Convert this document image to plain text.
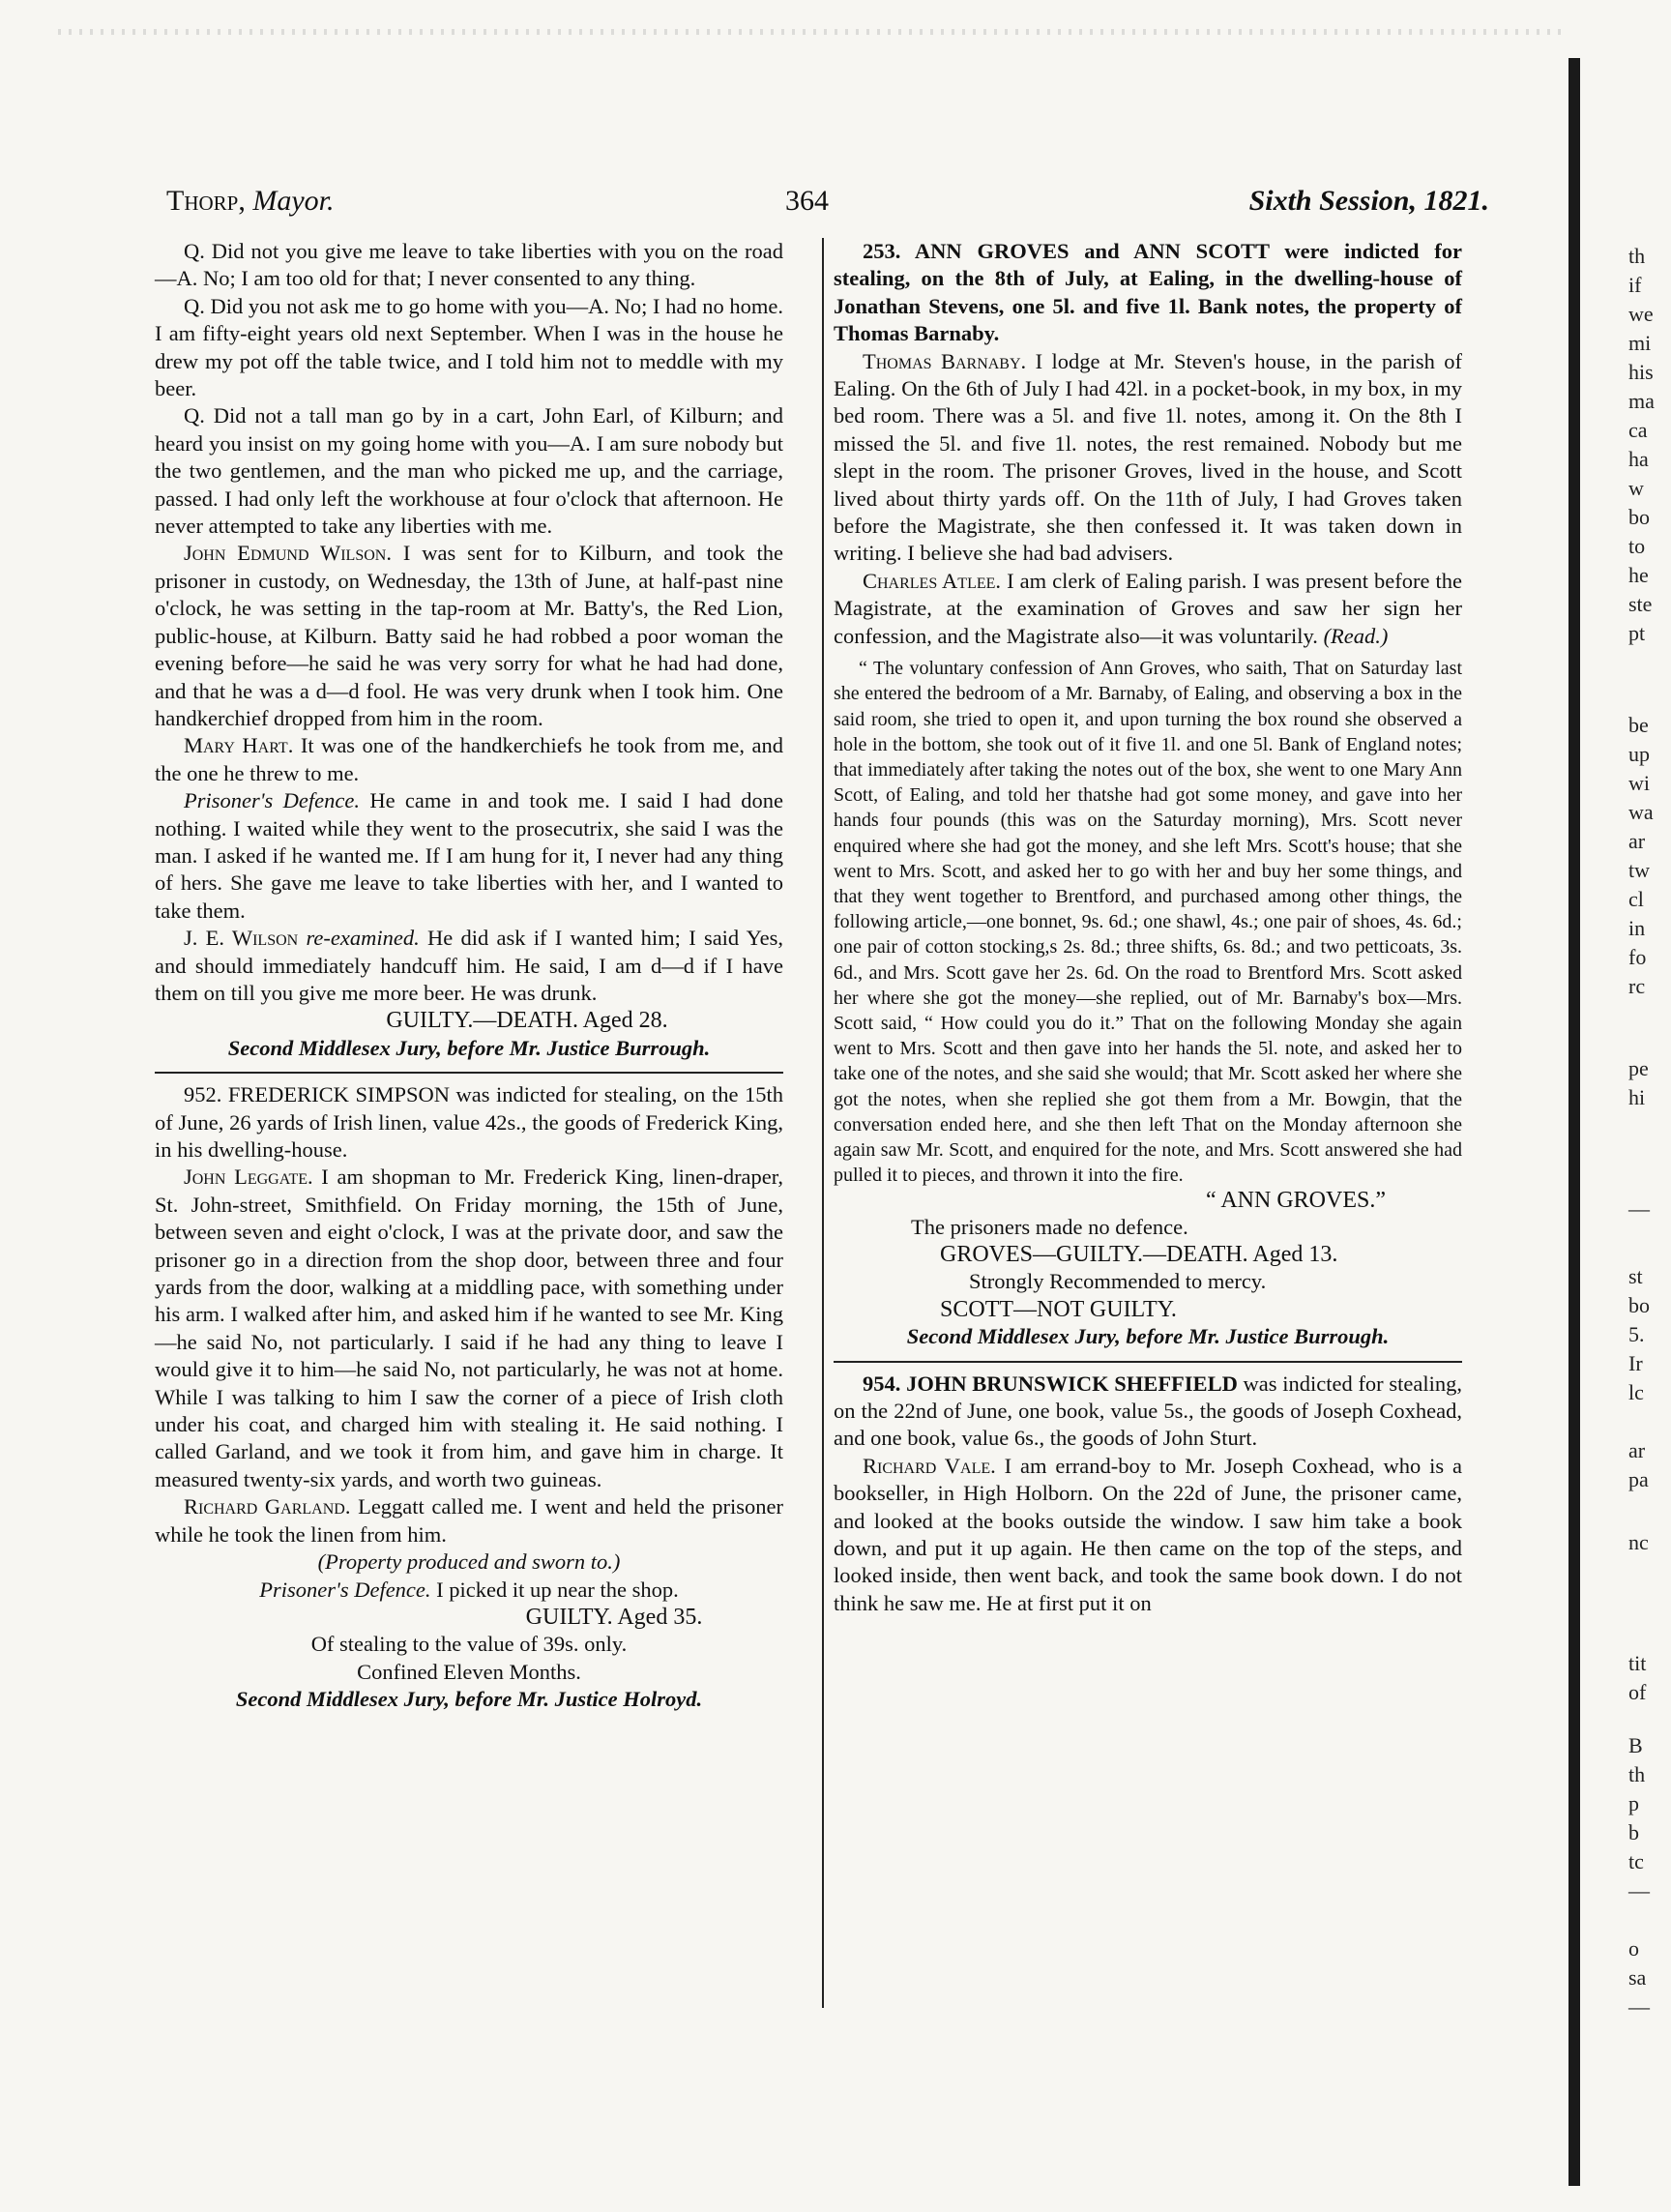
Thorp, Mayor.	364	Sixth Session, 1821.

Q. Did not you give me leave to take liberties with you on the road—A. No; I am too old for that; I never consented to any thing.

Q. Did you not ask me to go home with you—A. No; I had no home. I am fifty-eight years old next September. When I was in the house he drew my pot off the table twice, and I told him not to meddle with my beer.

Q. Did not a tall man go by in a cart, John Earl, of Kilburn; and heard you insist on my going home with you—A. I am sure nobody but the two gentlemen, and the man who picked me up, and the carriage, passed. I had only left the workhouse at four o'clock that afternoon. He never attempted to take any liberties with me.

John Edmund Wilson. I was sent for to Kilburn, and took the prisoner in custody, on Wednesday, the 13th of June, at half-past nine o'clock, he was setting in the tap-room at Mr. Batty's, the Red Lion, public-house, at Kilburn. Batty said he had robbed a poor woman the evening before—he said he was very sorry for what he had had done, and that he was a d—d fool. He was very drunk when I took him. One handkerchief dropped from him in the room.

Mary Hart. It was one of the handkerchiefs he took from me, and the one he threw to me.

Prisoner's Defence. He came in and took me. I said I had done nothing. I waited while they went to the prosecutrix, she said I was the man. I asked if he wanted me. If I am hung for it, I never had any thing of hers. She gave me leave to take liberties with her, and I wanted to take them.

J. E. Wilson re-examined. He did ask if I wanted him; I said Yes, and should immediately handcuff him. He said, I am d—d if I have them on till you give me more beer. He was drunk.

GUILTY.—DEATH. Aged 28.

Second Middlesex Jury, before Mr. Justice Burrough.

952. FREDERICK SIMPSON was indicted for stealing, on the 15th of June, 26 yards of Irish linen, value 42s., the goods of Frederick King, in his dwelling-house.

John Leggate. I am shopman to Mr. Frederick King, linen-draper, St. John-street, Smithfield. On Friday morning, the 15th of June, between seven and eight o'clock, I was at the private door, and saw the prisoner go in a direction from the shop door, between three and four yards from the door, walking at a middling pace, with something under his arm. I walked after him, and asked him if he wanted to see Mr. King—he said No, not particularly. I said if he had any thing to leave I would give it to him—he said No, not particularly, he was not at home. While I was talking to him I saw the corner of a piece of Irish cloth under his coat, and charged him with stealing it. He said nothing. I called Garland, and we took it from him, and gave him in charge. It measured twenty-six yards, and worth two guineas.

Richard Garland. Leggatt called me. I went and held the prisoner while he took the linen from him.

(Property produced and sworn to.)

Prisoner's Defence. I picked it up near the shop.

GUILTY. Aged 35.

Of stealing to the value of 39s. only.

Confined Eleven Months.

Second Middlesex Jury, before Mr. Justice Holroyd.

253. ANN GROVES and ANN SCOTT were indicted for stealing, on the 8th of July, at Ealing, in the dwelling-house of Jonathan Stevens, one 5l. and five 1l. Bank notes, the property of Thomas Barnaby.

Thomas Barnaby. I lodge at Mr. Steven's house, in the parish of Ealing. On the 6th of July I had 42l. in a pocket-book, in my box, in my bed room. There was a 5l. and five 1l. notes, among it. On the 8th I missed the 5l. and five 1l. notes, the rest remained. Nobody but me slept in the room. The prisoner Groves, lived in the house, and Scott lived about thirty yards off. On the 11th of July, I had Groves taken before the Magistrate, she then confessed it. It was taken down in writing. I believe she had bad advisers.

Charles Atlee. I am clerk of Ealing parish. I was present before the Magistrate, at the examination of Groves and saw her sign her confession, and the Magistrate also—it was voluntarily. (Read.)

“ The voluntary confession of Ann Groves, who saith, That on Saturday last she entered the bedroom of a Mr. Barnaby, of Ealing, and observing a box in the said room, she tried to open it, and upon turning the box round she observed a hole in the bottom, she took out of it five 1l. and one 5l. Bank of England notes; that immediately after taking the notes out of the box, she went to one Mary Ann Scott, of Ealing, and told her thatshe had got some money, and gave into her hands four pounds (this was on the Saturday morning), Mrs. Scott never enquired where she had got the money, and she left Mrs. Scott's house; that she went to Mrs. Scott, and asked her to go with her and buy her some things, and that they went together to Brentford, and purchased among other things, the following article,—one bonnet, 9s. 6d.; one shawl, 4s.; one pair of shoes, 4s. 6d.; one pair of cotton stocking,s 2s. 8d.; three shifts, 6s. 8d.; and two petticoats, 3s. 6d., and Mrs. Scott gave her 2s. 6d. On the road to Brentford Mrs. Scott asked her where she got the money—she replied, out of Mr. Barnaby's box—Mrs. Scott said, “ How could you do it.” That on the following Monday she again went to Mrs. Scott and then gave into her hands the 5l. note, and asked her to take one of the notes, and she said she would; that Mr. Scott asked her where she got the notes, when she replied she got them from a Mr. Bowgin, that the conversation ended here, and she then left That on the Monday afternoon she again saw Mr. Scott, and enquired for the note, and Mrs. Scott answered she had pulled it to pieces, and thrown it into the fire.

“ ANN GROVES.”

The prisoners made no defence.

GROVES—GUILTY.—DEATH. Aged 13.

Strongly Recommended to mercy.

SCOTT—NOT GUILTY.

Second Middlesex Jury, before Mr. Justice Burrough.

954. JOHN BRUNSWICK SHEFFIELD was indicted for stealing, on the 22nd of June, one book, value 5s., the goods of Joseph Coxhead, and one book, value 6s., the goods of John Sturt.

Richard Vale. I am errand-boy to Mr. Joseph Coxhead, who is a bookseller, in High Holborn. On the 22d of June, the prisoner came, and looked at the books outside the window. I saw him take a book down, and put it up again. He then came on the top of the steps, and looked inside, then went back, and took the same book down. I do not think he saw me. He at first put it on

th
if
we
mi
his
ma
ca
ha
w
bo
to
he
ste
pt
be
up
wi
wa
ar
tw
cl
in
fo
rc
pe
hi
—
st
bo
5.
Ir
lc
ar
pa
nc
tit
of
B
th
p
b
tc
—
o
sa
—
